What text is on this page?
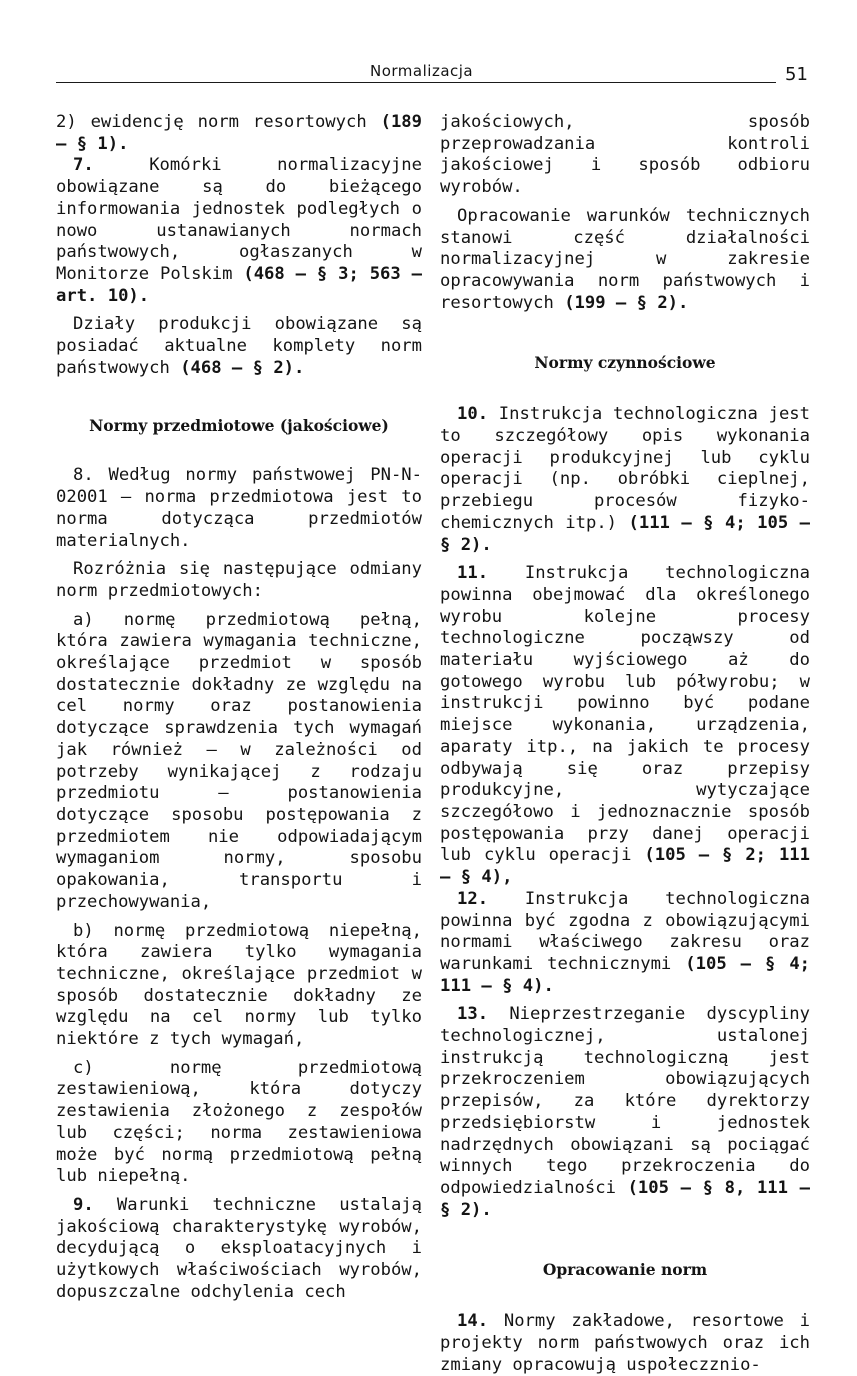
Normalizacja	51

2) ewidencję norm resortowych (189 — § 1).

7. Komórki normalizacyjne obowiązane są do bieżącego informowania jednostek podległych o nowo ustanawianych normach państwowych, ogłaszanych w Monitorze Polskim (468 — § 3; 563 — art. 10).

Działy produkcji obowiązane są posiadać aktualne komplety norm państwowych (468 — § 2).

Normy przedmiotowe (jakościowe)

8. Według normy państwowej PN-N-02001 — norma przedmiotowa jest to norma dotycząca przedmiotów materialnych.

Rozróżnia się następujące odmiany norm przedmiotowych:

a) normę przedmiotową pełną, która zawiera wymagania techniczne, określające przedmiot w sposób dostatecznie dokładny ze względu na cel normy oraz postanowienia dotyczące sprawdzenia tych wymagań jak również — w zależności od potrzeby wynikającej z rodzaju przedmiotu — postanowienia dotyczące sposobu postępowania z przedmiotem nie odpowiadającym wymaganiom normy, sposobu opakowania, transportu i przechowywania,

b) normę przedmiotową niepełną, która zawiera tylko wymagania techniczne, określające przedmiot w sposób dostatecznie dokładny ze względu na cel normy lub tylko niektóre z tych wymagań,

c) normę przedmiotową zestawieniową, która dotyczy zestawienia złożonego z zespołów lub części; norma zestawieniowa może być normą przedmiotową pełną lub niepełną.

9. Warunki techniczne ustalają jakościową charakterystykę wyrobów, decydującą o eksploatacyjnych i użytkowych właściwościach wyrobów, dopuszczalne odchylenia cech

jakościowych, sposób przeprowadzania kontroli jakościowej i sposób odbioru wyrobów.

Opracowanie warunków technicznych stanowi część działalności normalizacyjnej w zakresie opracowywania norm państwowych i resortowych (199 — § 2).

Normy czynnościowe

10. Instrukcja technologiczna jest to szczegółowy opis wykonania operacji produkcyjnej lub cyklu operacji (np. obróbki cieplnej, przebiegu procesów fizyko-chemicznych itp.) (111 — § 4; 105 — § 2).

11. Instrukcja technologiczna powinna obejmować dla określonego wyrobu kolejne procesy technologiczne począwszy od materiału wyjściowego aż do gotowego wyrobu lub półwyrobu; w instrukcji powinno być podane miejsce wykonania, urządzenia, aparaty itp., na jakich te procesy odbywają się oraz przepisy produkcyjne, wytyczające szczegółowo i jednoznacznie sposób postępowania przy danej operacji lub cyklu operacji (105 — § 2; 111 — § 4),

12. Instrukcja technologiczna powinna być zgodna z obowiązującymi normami właściwego zakresu oraz warunkami technicznymi (105 — § 4; 111 — § 4).

13. Nieprzestrzeganie dyscypliny technologicznej, ustalonej instrukcją technologiczną jest przekroczeniem obowiązujących przepisów, za które dyrektorzy przedsiębiorstw i jednostek nadrzędnych obowiązani są pociągać winnych tego przekroczenia do odpowiedzialności (105 — § 8, 111 — § 2).

Opracowanie norm

14. Normy zakładowe, resortowe i projekty norm państwowych oraz ich zmiany opracowują uspołeczznio-
